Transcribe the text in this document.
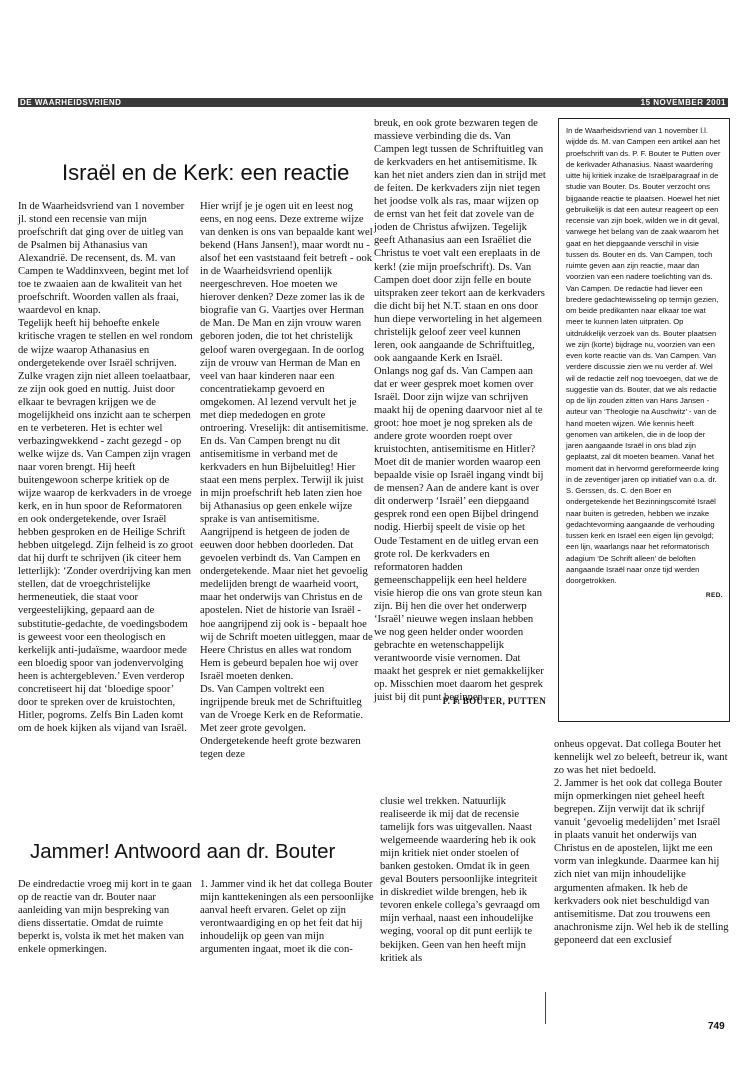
DE WAARHEIDSVRIEND	15 NOVEMBER 2001
Israël en de Kerk: een reactie

In de Waarheidsvriend van 1 november jl. stond een recensie van mijn proefschrift dat ging over de uitleg van de Psalmen bij Athanasius van Alexandrië. De recensent, ds. M. van Campen te Waddinxveen, begint met lof toe te zwaaien aan de kwaliteit van het proefschrift. Woorden vallen als fraai, waardevol en knap.

Tegelijk heeft hij behoefte enkele kritische vragen te stellen en wel rondom de wijze waarop Athanasius en ondergetekende over Israël schrijven. Zulke vragen zijn niet alleen toelaatbaar, ze zijn ook goed en nuttig. Juist door elkaar te bevragen krijgen we de mogelijkheid ons inzicht aan te scherpen en te verbeteren. Het is echter wel verbazingwekkend - zacht gezegd - op welke wijze ds. Van Campen zijn vragen naar voren brengt. Hij heeft buitengewoon scherpe kritiek op de wijze waarop de kerkvaders in de vroege kerk, en in hun spoor de Reformatoren en ook ondergetekende, over Israël hebben gesproken en de Heilige Schrift hebben uitgelegd. Zijn felheid is zo groot dat hij durft te schrijven (ik citeer hem letterlijk): ‘Zonder overdrijving kan men stellen, dat de vroegchristelijke hermeneutiek, die staat voor vergeestelijking, gepaard aan de substitutie-gedachte, de voedingsbodem is geweest voor een theologisch en kerkelijk anti-judaïsme, waardoor mede een bloedig spoor van jodenvervolging heen is achtergebleven.’ Even verderop concretiseert hij dat ‘bloedige spoor’ door te spreken over de kruistochten, Hitler, pogroms. Zelfs Bin Laden komt om de hoek kijken als vijand van Israël.

Hier wrijf je je ogen uit en leest nog eens, en nog eens. Deze extreme wijze van denken is ons van bepaalde kant wel bekend (Hans Jansen!), maar wordt nu - alsof het een vaststaand feit betreft - ook in de Waarheidsvriend openlijk neergeschreven. Hoe moeten we hierover denken? Deze zomer las ik de biografie van G. Vaartjes over Herman de Man. De Man en zijn vrouw waren geboren joden, die tot het christelijk geloof waren overgegaan. In de oorlog zijn de vrouw van Herman de Man en veel van haar kinderen naar een concentratiekamp gevoerd en omgekomen. Al lezend vervult het je met diep mededogen en grote ontroering. Vreselijk: dit antisemitisme. En ds. Van Campen brengt nu dit antisemitisme in verband met de kerkvaders en hun Bijbeluitleg! Hier staat een mens perplex. Terwijl ik juist in mijn proefschrift heb laten zien hoe bij Athanasius op geen enkele wijze sprake is van antisemitisme.

Aangrijpend is hetgeen de joden de eeuwen door hebben doorleden. Dat gevoelen verbindt ds. Van Campen en ondergetekende. Maar niet het gevoelig medelijden brengt de waarheid voort, maar het onderwijs van Christus en de apostelen. Niet de historie van Israël - hoe aangrijpend zij ook is - bepaalt hoe wij de Schrift moeten uitleggen, maar de Heere Christus en alles wat rondom Hem is gebeurd bepalen hoe wij over Israël moeten denken.

Ds. Van Campen voltrekt een ingrijpende breuk met de Schriftuitleg van de Vroege Kerk en de Reformatie. Met zeer grote gevolgen. Ondergetekende heeft grote bezwaren tegen deze

breuk, en ook grote bezwaren tegen de massieve verbinding die ds. Van Campen legt tussen de Schriftuitleg van de kerkvaders en het antisemitisme. Ik kan het niet anders zien dan in strijd met de feiten. De kerkvaders zijn niet tegen het joodse volk als ras, maar wijzen op de ernst van het feit dat zovele van de joden de Christus afwijzen. Tegelijk geeft Athanasius aan een Israëliet die Christus te voet valt een ereplaats in de kerk! (zie mijn proefschrift). Ds. Van Campen doet door zijn felle en boute uitspraken zeer tekort aan de kerkvaders die dicht bij het N.T. staan en ons door hun diepe verworteling in het algemeen christelijk geloof zeer veel kunnen leren, ook aangaande de Schriftuitleg, ook aangaande Kerk en Israël.

Onlangs nog gaf ds. Van Campen aan dat er weer gesprek moet komen over Israël. Door zijn wijze van schrijven maakt hij de opening daarvoor niet al te groot: hoe moet je nog spreken als de andere grote woorden roept over kruistochten, antisemitisme en Hitler? Moet dit de manier worden waarop een bepaalde visie op Israël ingang vindt bij de mensen? Aan de andere kant is over dit onderwerp ‘Israël’ een diepgaand gesprek rond een open Bijbel dringend nodig. Hierbij speelt de visie op het Oude Testament en de uitleg ervan een grote rol. De kerkvaders en reformatoren hadden gemeenschappelijk een heel heldere visie hierop die ons van grote steun kan zijn. Bij hen die over het onderwerp ‘Israël’ nieuwe wegen inslaan hebben we nog geen helder onder woorden gebrachte en wetenschappelijk verantwoorde visie vernomen. Dat maakt het gesprek er niet gemakkelijker op. Misschien moet daarom het gesprek juist bij dit punt beginnen.

P. F. BOUTER, PUTTEN

In de Waarheidsvriend van 1 november l.l. wijdde ds. M. van Campen een artikel aan het proefschrift van ds. P. F. Bouter te Putten over de kerkvader Athanasius. Naast waardering uitte hij kritiek inzake de Israëlparagraaf in de studie van Bouter. Ds. Bouter verzocht ons bijgaande reactie te plaatsen. Hoewel het niet gebruikelijk is dat een auteur reageert op een recensie van zijn boek, wilden we in dit geval, vanwege het belang van de zaak waarom het gaat en het diepgaande verschil in visie tussen ds. Bouter en ds. Van Campen, toch ruimte geven aan zijn reactie, maar dan voorzien van een nadere toelichting van ds. Van Campen. De redactie had liever een bredere gedachtewisseling op termijn gezien, om beide predikanten naar elkaar toe wat meer te kunnen laten uitpraten. Op uitdrukkelijk verzoek van ds. Bouter plaatsen we zijn (korte) bijdrage nu, voorzien van een even korte reactie van ds. Van Campen. Van verdere discussie zien we nu verder af. Wel wil de redactie zelf nog toevoegen, dat we de suggestie van ds. Bouter, dat we als redactie op de lijn zouden zitten van Hans Jansen - auteur van ‘Theologie na Auschwitz’ - van de hand moeten wijzen. Wie kennis heeft genomen van artikelen, die in de loop der jaren aangaande Israël in ons blad zijn geplaatst, zal dit moeten beamen. Vanaf het moment dat in hervormd gereformeerde kring in de zeventiger jaren op initiatief van o.a. dr. S. Gerssen, ds. C. den Boer en ondergetekende het Bezinningscomité Israël naar buiten is getreden, hebben we inzake gedachtevorming aangaande de verhouding tussen kerk en Israël een eigen lijn gevolgd; een lijn, waarlangs naar het reformatorisch adagium ‘De Schrift alleen’ de beloften aangaande Israël naar onze tijd werden doorgetrokken.

RED.

onheus opgevat. Dat collega Bouter het kennelijk wel zo beleeft, betreur ik, want zo was het niet bedoeld.

2. Jammer is het ook dat collega Bouter mijn opmerkingen niet geheel heeft begrepen. Zijn verwijt dat ik schrijf vanuit ‘gevoelig medelijden’ met Israël in plaats vanuit het onderwijs van Christus en de apostelen, lijkt me een vorm van inlegkunde. Daarmee kan hij zich niet van mijn inhoudelijke argumenten afmaken. Ik heb de kerkvaders ook niet beschuldigd van antisemitisme. Dat zou trouwens een anachronisme zijn. Wel heb ik de stelling geponeerd dat een exclusief

Jammer! Antwoord aan dr. Bouter

De eindredactie vroeg mij kort in te gaan op de reactie van dr. Bouter naar aanleiding van mijn bespreking van diens dissertatie. Omdat de ruimte beperkt is, volsta ik met het maken van enkele opmerkingen.

1. Jammer vind ik het dat collega Bouter mijn kanttekeningen als een persoonlijke aanval heeft ervaren. Gelet op zijn verontwaardiging en op het feit dat hij inhoudelijk op geen van mijn argumenten ingaat, moet ik die con-

clusie wel trekken. Natuurlijk realiseerde ik mij dat de recensie tamelijk fors was uitgevallen. Naast welgemeende waardering heb ik ook mijn kritiek niet onder stoelen of banken gestoken. Omdat ik in geen geval Bouters persoonlijke integriteit in diskrediet wilde brengen, heb ik tevoren enkele collega’s gevraagd om mijn verhaal, naast een inhoudelijke weging, vooral op dit punt eerlijk te bekijken. Geen van hen heeft mijn kritiek als

749
